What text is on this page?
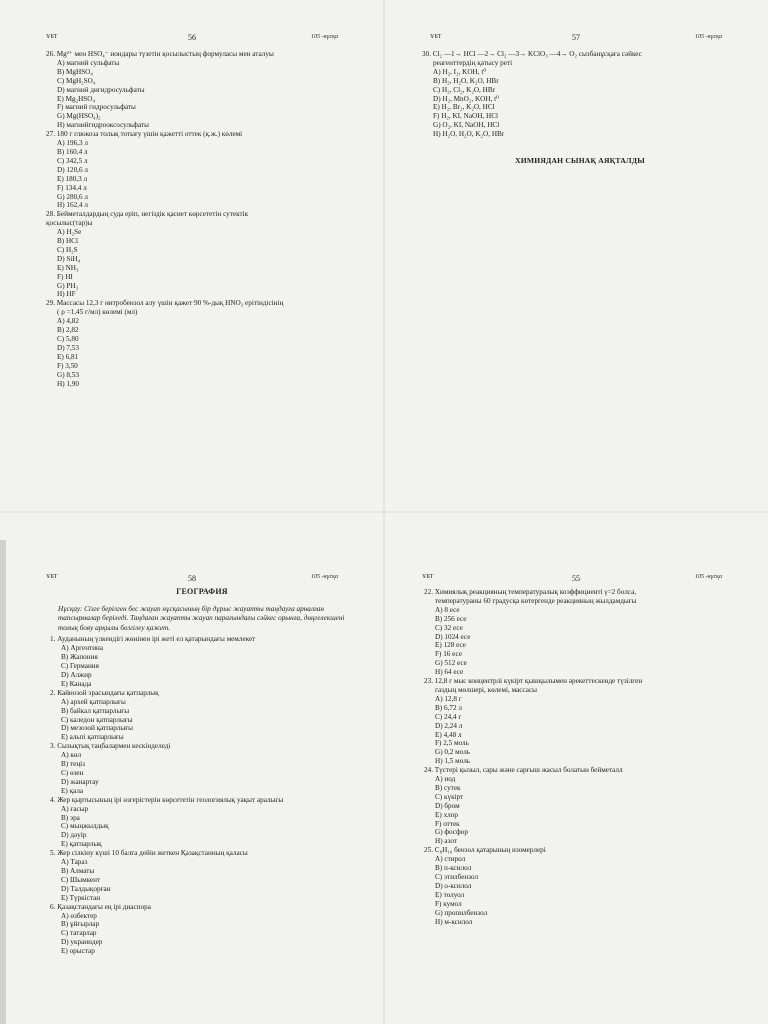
ҰБТ	56	105 -нұсқа
26. Mg²⁺ мен HSO₄⁻ иондары түзетін қосылыстың формуласы мен аталуы
A) магний сульфаты
B) MgHSO₄
C) MgH₂SO₄
D) магний дигидросульфаты
E) Mg₂HSO₄
F) магний гидросульфаты
G) Mg(HSO₄)₂
H) магнийгидрооксосульфаты
27. 180 г глюкоза толық тотығу үшін қажетті оттек (қ.ж.) көлемі
A) 196,3 л
B) 160,4 л
C) 342,5 л
D) 120,6 л
E) 180,3 л
F) 134,4 л
G) 280,6 л
H) 162,4 л
28. Бейметалдардың суда еріп, негіздік қасиет көрсететін сутектік
қосылыс(тар)ы
A) H₂Se
B) HCl
C) H₂S
D) SiH₄
E) NH₃
F) HI
G) PH₃
H) HF
29. Массасы 12,3 г нитробензол алу үшін қажет 90 %-дық HNO₃ ерітіндісінің
( ρ =1,45 г/мл) көлемі (мл)
A) 4,82
B) 2,82
C) 5,80
D) 7,53
E) 6,81
F) 3,50
G) 8,53
H) 1,90
ҰБТ	57	105 -нұсқа
30. Cl₂ —1→ HCl —2→ Cl₂ —3→ KClO₃ —4→ O₂ сызбанұсқаға сәйкес
реагенттердің қатысу реті
A) H₂, I₂, KOH, t⁰
B) H₂, H₂O, K₂O, HBr
C) H₂, Cl₂, K₂O, HBr
D) H₂, MnO₂, KOH, t⁰
E) H₂, Br₂, K₂O, HCl
F) H₂, KI, NaOH, HCl
G) O₂, KI, NaOH, HCl
H) H₂O, H₂O, K₂O, HBr
ХИМИЯДАН СЫНАҚ АЯҚТАЛДЫ
ҰБТ	58	105 -нұсқа
ГЕОГРАФИЯ
Нұсқау: Сізге берілген бес жауап нұсқасының бір дұрыс жауапты таңдауға арналған тапсырмалар беріледі. Таңдаған жауапты жауап парағындағы сәйкес орынға, дөңгелекшені толық бояу арқылы белгілеу қажет.
1. Ауданының үлкендігі жөнінен ірі жеті ел қатарындағы мемлекет
A) Аргентина
B) Жапония
C) Германия
D) Алжир
E) Канада
2. Кайнозой эрасындағы қатпарлық
A) архей қатпарлығы
B) байкал қатпарлығы
C) каледон қатпарлығы
D) мезозой қатпарлығы
E) альпі қатпарлығы
3. Сызықтық таңбалармен кескінделеді
A) көл
B) теңіз
C) өзен
D) жанартау
E) қала
4. Жер қыртысының ірі өзгерістерін көрсететін геологиялық уақыт аралығы
A) ғасыр
B) эра
C) мыңжылдық
D) дәуір
E) қатпарлық
5. Жер сілкіну күші 10 балға дейін жеткен Қазақстанның қаласы
A) Тараз
B) Алматы
C) Шымкент
D) Талдықорған
E) Түркістан
6. Қазақстандағы ең ірі диаспора
A) өзбектер
B) ұйғырлар
C) татарлар
D) украиндер
E) орыстар
ҰБТ	55	105 -нұсқа
22. Химиялық реакцияның температуралық коэффициенті γ=2 болса,
температураны 60 градусқа көтергенде реакцияның жылдамдығы
A) 8 есе
B) 256 есе
C) 32 есе
D) 1024 есе
E) 128 есе
F) 16 есе
G) 512 есе
H) 64 есе
23. 12,8 г мыс концентрлі күкірт қышқылымен әрекеттескенде түзілген
газдың мөлшері, көлемі, массасы
A) 12,8 г
B) 6,72 л
C) 24,4 г
D) 2,24 л
E) 4,48 л
F) 2,5 моль
G) 0,2 моль
H) 1,5 моль
24. Түстері қызыл, сары және сарғыш жасыл болатын бейметалл
A) иод
B) сутек
C) күкірт
D) бром
E) хлор
F) оттек
G) фосфор
H) азот
25. C₈H₁₀ бензол қатарының изомерлері
A) стирол
B) п-ксилол
C) этилбензол
D) о-ксилол
E) толуол
F) кумол
G) пропилбензол
H) м-ксилол
